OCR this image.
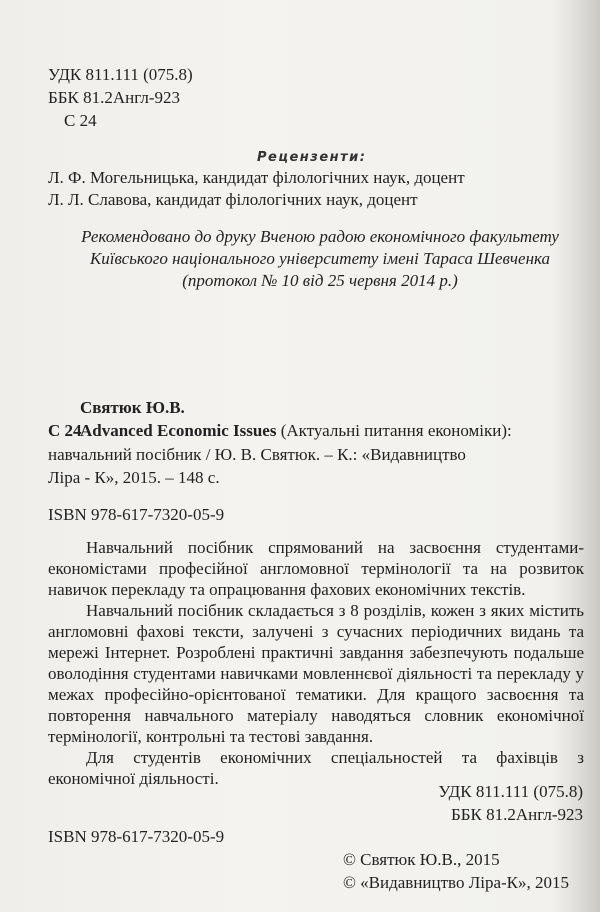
УДК 811.111 (075.8)
ББК 81.2Англ-923
С 24
Рецензенти:
Л. Ф. Могельницька, кандидат філологічних наук, доцент
Л. Л. Славова, кандидат філологічних наук, доцент
Рекомендовано до друку Вченою радою економічного факультету
Київського національного університету імені Тараса Шевченка
(протокол № 10 від 25 червня 2014 р.)
Святюк Ю.В.
С 24
Advanced Economic Issues (Актуальні питання економіки):
навчальний посібник / Ю. В. Святюк. – К.: «Видавництво
Ліра - К», 2015. – 148 с.
ISBN 978-617-7320-05-9

Навчальний посібник спрямований на засвоєння студентами-економістами професійної англомовної термінології та на розвиток навичок перекладу та опрацювання фахових економічних текстів.

Навчальний посібник складається з 8 розділів, кожен з яких містить англомовні фахові тексти, залучені з сучасних періодичних видань та мережі Інтернет. Розроблені практичні завдання забезпечують подальше оволодіння студентами навичками мовленнєвої діяльності та перекладу у межах професійно-орієнтованої тематики. Для кращого засвоєння та повторення навчального матеріалу наводяться словник економічної термінології, контрольні та тестові завдання.

Для студентів економічних спеціальностей та фахівців з економічної діяльності.

УДК 811.111 (075.8)
ББК 81.2Англ-923
ISBN 978-617-7320-05-9
© Святюк Ю.В., 2015
© «Видавництво Ліра-К», 2015
